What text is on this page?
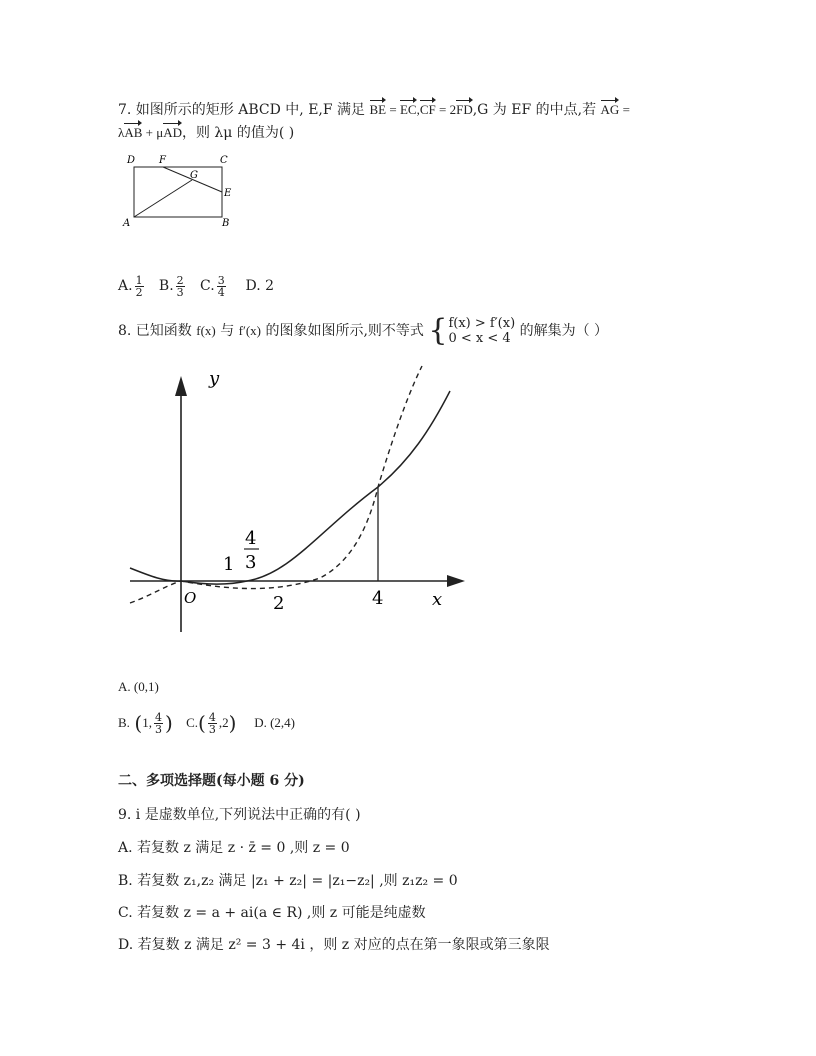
7. 如图所示的矩形 ABCD 中, E,F 满足 BE = EC,CF = 2FD,G 为 EF 的中点,若 AG =
λAB + μAD，则 λμ 的值为( )
D F	C
G
E
A	B
A. $\frac{1}{2} B$. $\frac{2}{3} C$. $\frac{3}{4} D$. 2
8. 已知函数 f(x) 与 f′(x) 的图象如图所示,则不等式 { f(x) > f′(x)
0 < x < 4 的解集为（ ）
y
x
O
1
2	4
4
3
A. (0,1)
B. (1, $\frac{4}{3}$ ) $C.( \frac{4}{3} ,2)$ D. (2,4)
二、多项选择题(每小题 6 分)
9. i 是虚数单位,下列说法中正确的有( )
A. 若复数 z 满足 z · z̄ = 0 ,则 z = 0
B. 若复数 z₁,z₂ 满足 |z₁ + z₂| = |z₁−z₂| ,则 z₁z₂ = 0
C. 若复数 z = a + ai(a ∈ R) ,则 z 可能是纯虚数
D. 若复数 z 满足 z² = 3 + 4i ，则 z 对应的点在第一象限或第三象限
